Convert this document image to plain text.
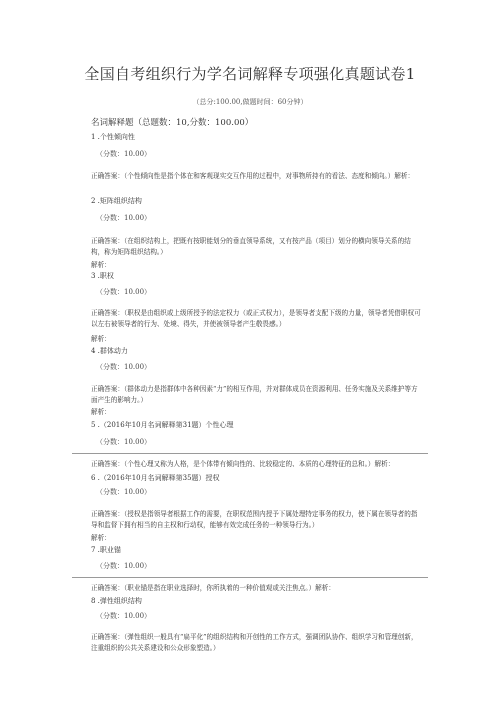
全国自考组织行为学名词解释专项强化真题试卷1
（总分:100.00,做题时间：60分钟）
名词解释题（总题数：10,分数：100.00）
1 .个性倾向性
（分数：10.00）
正确答案：（个性倾向性是指个体在和客观现实交互作用的过程中，对事物所持有的看法、态度和倾向。）解析：
2 .矩阵组织结构
（分数：10.00）
正确答案：（在组织结构上，把既有按职能划分的垂直领导系统，又有按产品（项目）划分的横向领导关系的结构，称为矩阵组织结构。）
解析：
3 .职权
（分数：10.00）
正确答案：（职权是由组织或上级所授予的法定权力（或正式权力），是领导者支配下级的力量，领导者凭借职权可以左右被领导者的行为、处境、得失，并使被领导者产生敬畏感。）
解析：
4 .群体动力
（分数：10.00）
正确答案：（群体动力是指群体中各种因素“力”的相互作用，并对群体成员在资源利用、任务实施及关系维护等方面产生的影响力。）
解析：
5 .（2016年10月名词解释第31题）个性心理
（分数：10.00）
正确答案：（个性心理又称为人格，是个体带有倾向性的、比较稳定的、本质的心理特征的总和。）解析：
6 .（2016年10月名词解释第35题）授权
（分数：10.00）
正确答案：（授权是指领导者根据工作的需要，在职权范围内授予下属处理特定事务的权力，使下属在领导者的指导和监督下拥有相当的自主权和行动权，能够有效完成任务的一种领导行为。）
解析：
7 .职业锚
（分数：10.00）
正确答案：（职业锚是指在职业选择时，你所执着的一种价值观或关注焦点。）解析：
8 .弹性组织结构
（分数：10.00）
正确答案：（弹性组织一般具有“扁平化”的组织结构和开创性的工作方式，强调团队协作、组织学习和管理创新，注重组织的公共关系建设和公众形象塑造。）
